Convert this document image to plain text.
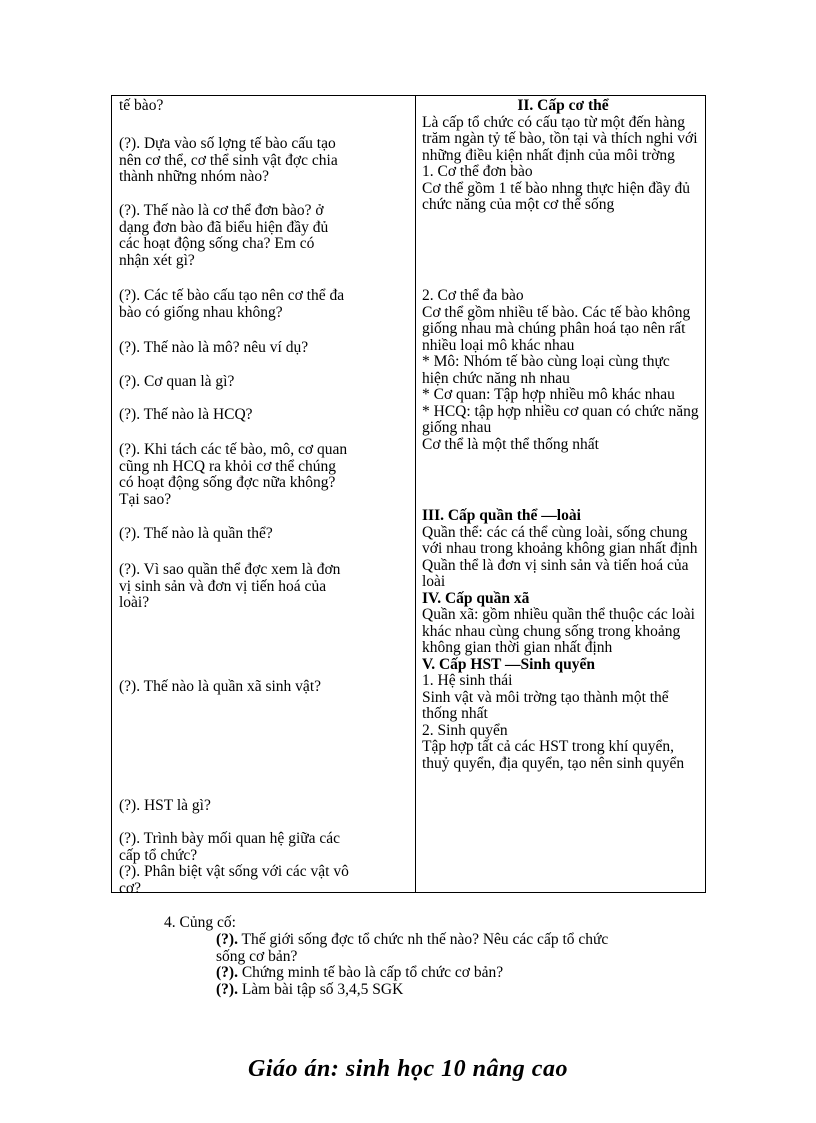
tế bào?
(?). Dựa vào số lợng tế bào cấu tạo
nên cơ thể, cơ thể sinh vật đợc chia
thành những nhóm nào?
(?). Thế nào là cơ thể đơn bào? ở
dạng đơn bào đã biểu hiện đầy đủ
các hoạt động sống cha? Em có
nhận xét gì?
(?). Các tế bào cấu tạo nên cơ thể đa
bào có giống nhau không?
(?). Thế nào là mô? nêu ví dụ?
(?). Cơ quan là gì?
(?). Thế nào là HCQ?
(?). Khi tách các tế bào, mô, cơ quan
cũng nh HCQ ra khỏi cơ thể chúng
có hoạt động sống đợc nữa không?
Tại sao?
(?). Thế nào là quần thể?
(?). Vì sao quần thể đợc xem là đơn
vị sinh sản và đơn vị tiến hoá của
loài?
(?). Thế nào là quần xã sinh vật?
(?). HST là gì?
(?). Trình bày mối quan hệ giữa các
cấp tổ chức?
(?). Phân biệt vật sống với các vật vô
cơ?
II. Cấp cơ thể
Là cấp tổ chức có cấu tạo từ một đến hàng
trăm ngàn tỷ tế bào, tồn tại và thích nghi với
những điều kiện nhất định của môi trờng
1. Cơ thể đơn bào
Cơ thể gồm 1 tế bào nhng thực hiện đầy đủ
chức năng của một cơ thể sống
2. Cơ thể đa bào
Cơ thể gồm nhiều tế bào. Các tế bào không
giống nhau mà chúng phân hoá tạo nên rất
nhiều loại mô khác nhau
* Mô: Nhóm tế bào cùng loại cùng thực
hiện chức năng nh nhau
* Cơ quan: Tập hợp nhiều mô khác nhau
* HCQ: tập hợp nhiều cơ quan có chức năng
giống nhau
Cơ thể là một thể thống nhất
III. Cấp quần thể —loài
Quần thể: các cá thể cùng loài, sống chung
với nhau trong khoảng không gian nhất định
Quần thể là đơn vị sinh sản và tiến hoá của
loài
IV. Cấp quần xã
Quần xã: gồm nhiều quần thể thuộc các loài
khác nhau cùng chung sống trong khoảng
không gian thời gian nhất định
V. Cấp HST —Sinh quyển
1. Hệ sinh thái
Sinh vật và môi trờng tạo thành một thể
thống nhất
2. Sinh quyển
Tập hợp tất cả các HST trong khí quyển,
thuỷ quyển, địa quyển, tạo nên sinh quyển
4. Củng cố:
(?). Thế giới sống đợc tổ chức nh thế nào? Nêu các cấp tổ chức
sống cơ bản?
(?). Chứng minh tế bào là cấp tổ chức cơ bản?
(?). Làm bài tập số 3,4,5 SGK
Giáo án: sinh học 10 nâng cao
